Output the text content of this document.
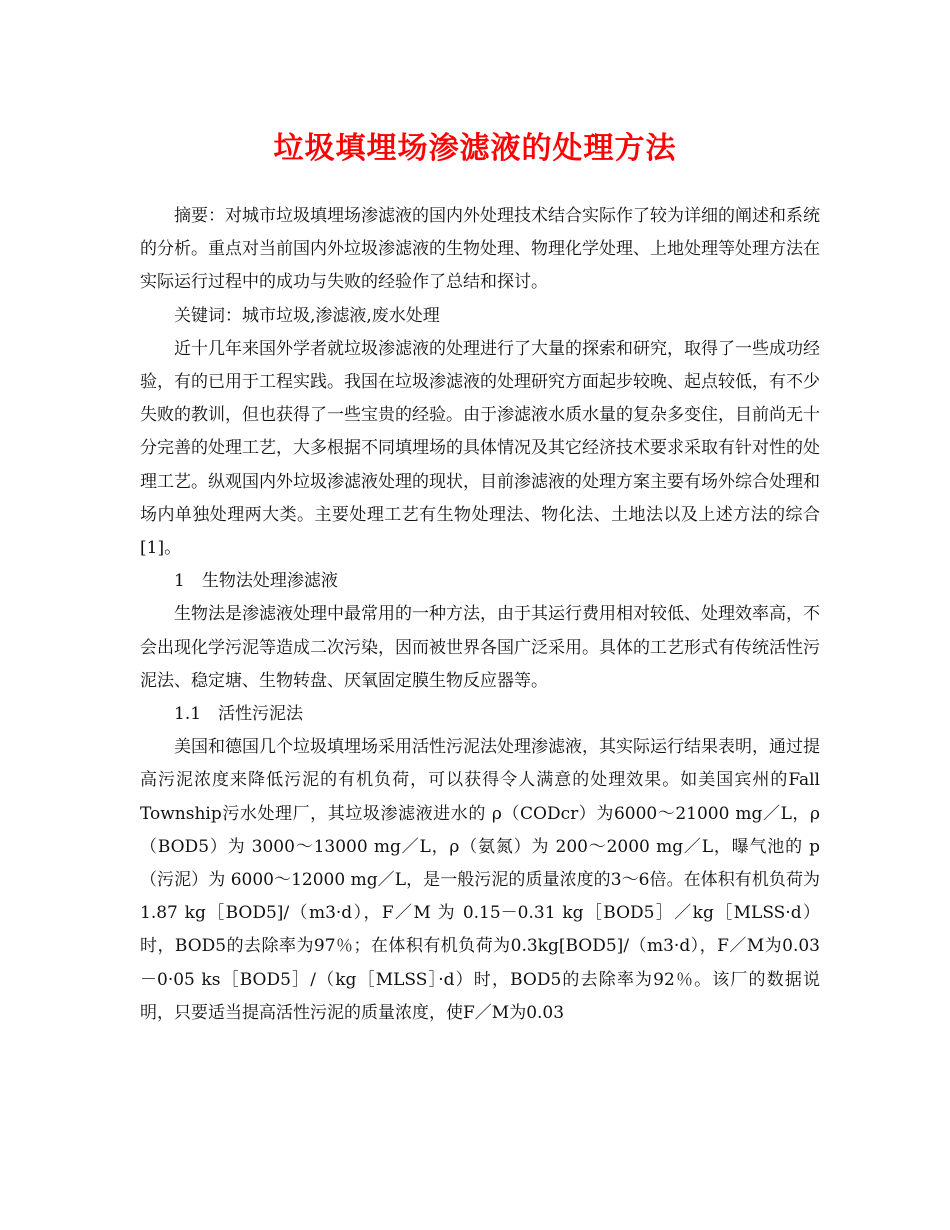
垃圾填埋场渗滤液的处理方法

摘要：对城市垃圾填埋场渗滤液的国内外处理技术结合实际作了较为详细的阐述和系统的分析。重点对当前国内外垃圾渗滤液的生物处理、物理化学处理、上地处理等处理方法在实际运行过程中的成功与失败的经验作了总结和探讨。

关键词：城市垃圾,渗滤液,废水处理

近十几年来国外学者就垃圾渗滤液的处理进行了大量的探索和研究，取得了一些成功经验，有的已用于工程实践。我国在垃圾渗滤液的处理研究方面起步较晚、起点较低，有不少失败的教训，但也获得了一些宝贵的经验。由于渗滤液水质水量的复杂多变住，目前尚无十分完善的处理工艺，大多根据不同填埋场的具体情况及其它经济技术要求采取有针对性的处理工艺。纵观国内外垃圾渗滤液处理的现状，目前渗滤液的处理方案主要有场外综合处理和场内单独处理两大类。主要处理工艺有生物处理法、物化法、土地法以及上述方法的综合[1]。

1　生物法处理渗滤液

生物法是渗滤液处理中最常用的一种方法，由于其运行费用相对较低、处理效率高，不会出现化学污泥等造成二次污染，因而被世界各国广泛采用。具体的工艺形式有传统活性污泥法、稳定塘、生物转盘、厌氧固定膜生物反应器等。

1.1　活性污泥法

美国和德国几个垃圾填埋场采用活性污泥法处理渗滤液，其实际运行结果表明，通过提高污泥浓度来降低污泥的有机负荷，可以获得令人满意的处理效果。如美国宾州的Fall Township污水处理厂，其垃圾渗滤液进水的 ρ（CODcr）为6000～21000 mg／L，ρ（BOD5）为 3000～13000 mg／L，ρ（氨氮）为 200～2000 mg／L，曝气池的 p（污泥）为 6000～12000 mg／L，是一般污泥的质量浓度的3～6倍。在体积有机负荷为 1.87 kg［BOD5]/（m3·d），F／M 为 0.15－0.31 kg［BOD5］／kg［MLSS·d）时，BOD5的去除率为97％；在体积有机负荷为0.3kg[BOD5]/（m3·d），F／M为0.03－0·05 ks［BOD5］/（kg［MLSS］·d）时，BOD5的去除率为92％。该厂的数据说明，只要适当提高活性污泥的质量浓度，使F／M为0.03
